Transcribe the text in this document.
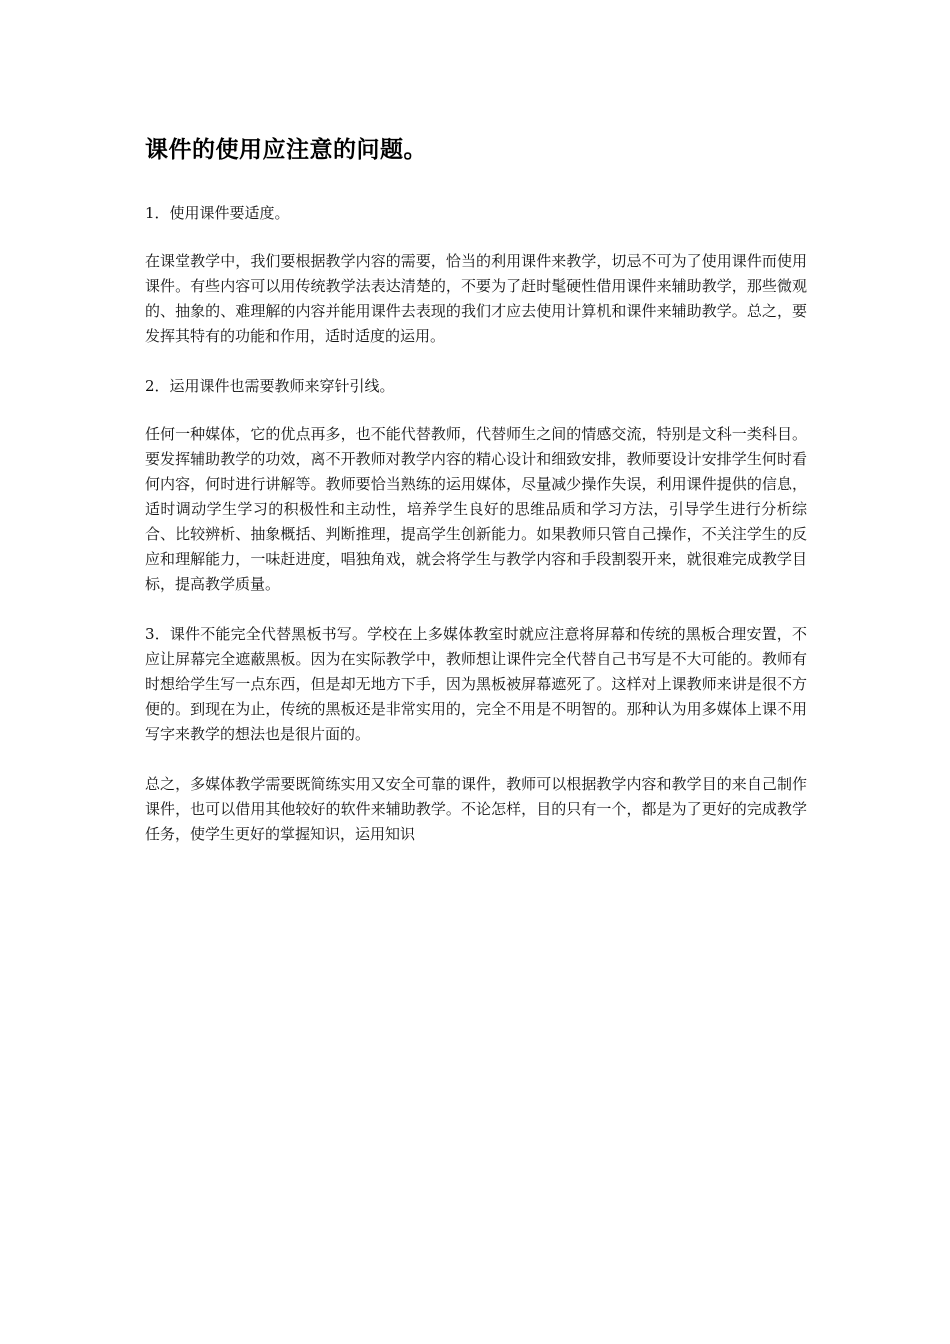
课件的使用应注意的问题。

1．使用课件要适度。

在课堂教学中，我们要根据教学内容的需要，恰当的利用课件来教学，切忌不可为了使用课件而使用课件。有些内容可以用传统教学法表达清楚的，不要为了赶时髦硬性借用课件来辅助教学，那些微观的、抽象的、难理解的内容并能用课件去表现的我们才应去使用计算机和课件来辅助教学。总之，要发挥其特有的功能和作用，适时适度的运用。

2．运用课件也需要教师来穿针引线。

任何一种媒体，它的优点再多，也不能代替教师，代替师生之间的情感交流，特别是文科一类科目。要发挥辅助教学的功效，离不开教师对教学内容的精心设计和细致安排，教师要设计安排学生何时看何内容，何时进行讲解等。教师要恰当熟练的运用媒体，尽量减少操作失误，利用课件提供的信息，适时调动学生学习的积极性和主动性，培养学生良好的思维品质和学习方法，引导学生进行分析综合、比较辨析、抽象概括、判断推理，提高学生创新能力。如果教师只管自己操作，不关注学生的反应和理解能力，一味赶进度，唱独角戏，就会将学生与教学内容和手段割裂开来，就很难完成教学目标，提高教学质量。

3．课件不能完全代替黑板书写。学校在上多媒体教室时就应注意将屏幕和传统的黑板合理安置，不应让屏幕完全遮蔽黑板。因为在实际教学中，教师想让课件完全代替自己书写是不大可能的。教师有时想给学生写一点东西，但是却无地方下手，因为黑板被屏幕遮死了。这样对上课教师来讲是很不方便的。到现在为止，传统的黑板还是非常实用的，完全不用是不明智的。那种认为用多媒体上课不用写字来教学的想法也是很片面的。

总之，多媒体教学需要既简练实用又安全可靠的课件，教师可以根据教学内容和教学目的来自己制作课件，也可以借用其他较好的软件来辅助教学。不论怎样，目的只有一个，都是为了更好的完成教学任务，使学生更好的掌握知识，运用知识
